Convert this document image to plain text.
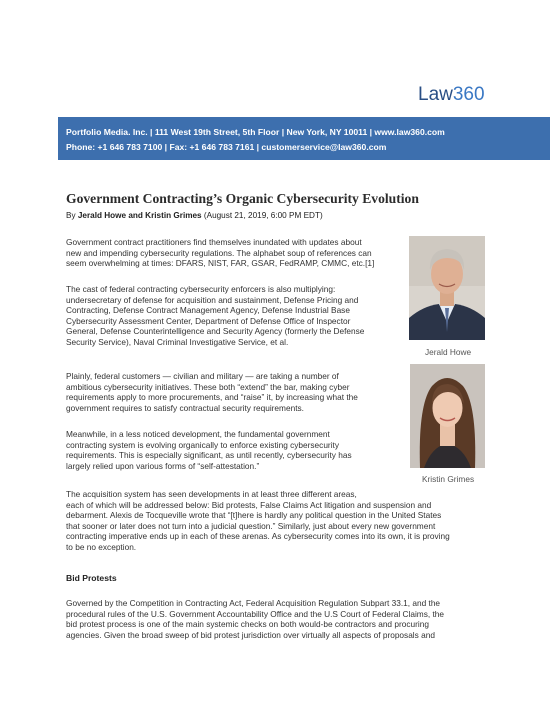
Law360
Portfolio Media. Inc. | 111 West 19th Street, 5th Floor | New York, NY 10011 | www.law360.com
Phone: +1 646 783 7100 | Fax: +1 646 783 7161 | customerservice@law360.com
Government Contracting’s Organic Cybersecurity Evolution
By Jerald Howe and Kristin Grimes (August 21, 2019, 6:00 PM EDT)
Government contract practitioners find themselves inundated with updates about
new and impending cybersecurity regulations. The alphabet soup of references can
seem overwhelming at times: DFARS, NIST, FAR, GSAR, FedRAMP, CMMC, etc.[1]
The cast of federal contracting cybersecurity enforcers is also multiplying:
undersecretary of defense for acquisition and sustainment, Defense Pricing and
Contracting, Defense Contract Management Agency, Defense Industrial Base
Cybersecurity Assessment Center, Department of Defense Office of Inspector
General, Defense Counterintelligence and Security Agency (formerly the Defense
Security Service), Naval Criminal Investigative Service, et al.
Plainly, federal customers — civilian and military — are taking a number of
ambitious cybersecurity initiatives. These both “extend” the bar, making cyber
requirements apply to more procurements, and “raise” it, by increasing what the
government requires to satisfy contractual security requirements.
Meanwhile, in a less noticed development, the fundamental government
contracting system is evolving organically to enforce existing cybersecurity
requirements. This is especially significant, as until recently, cybersecurity has
largely relied upon various forms of “self-attestation.”
The acquisition system has seen developments in at least three different areas,
each of which will be addressed below: Bid protests, False Claims Act litigation and suspension and
debarment. Alexis de Tocqueville wrote that “[t]here is hardly any political question in the United States
that sooner or later does not turn into a judicial question.” Similarly, just about every new government
contracting imperative ends up in each of these arenas. As cybersecurity comes into its own, it is proving
to be no exception.
Bid Protests
Governed by the Competition in Contracting Act, Federal Acquisition Regulation Subpart 33.1, and the
procedural rules of the U.S. Government Accountability Office and the U.S Court of Federal Claims, the
bid protest process is one of the main systemic checks on both would-be contractors and procuring
agencies. Given the broad sweep of bid protest jurisdiction over virtually all aspects of proposals and
Jerald Howe
Kristin Grimes
